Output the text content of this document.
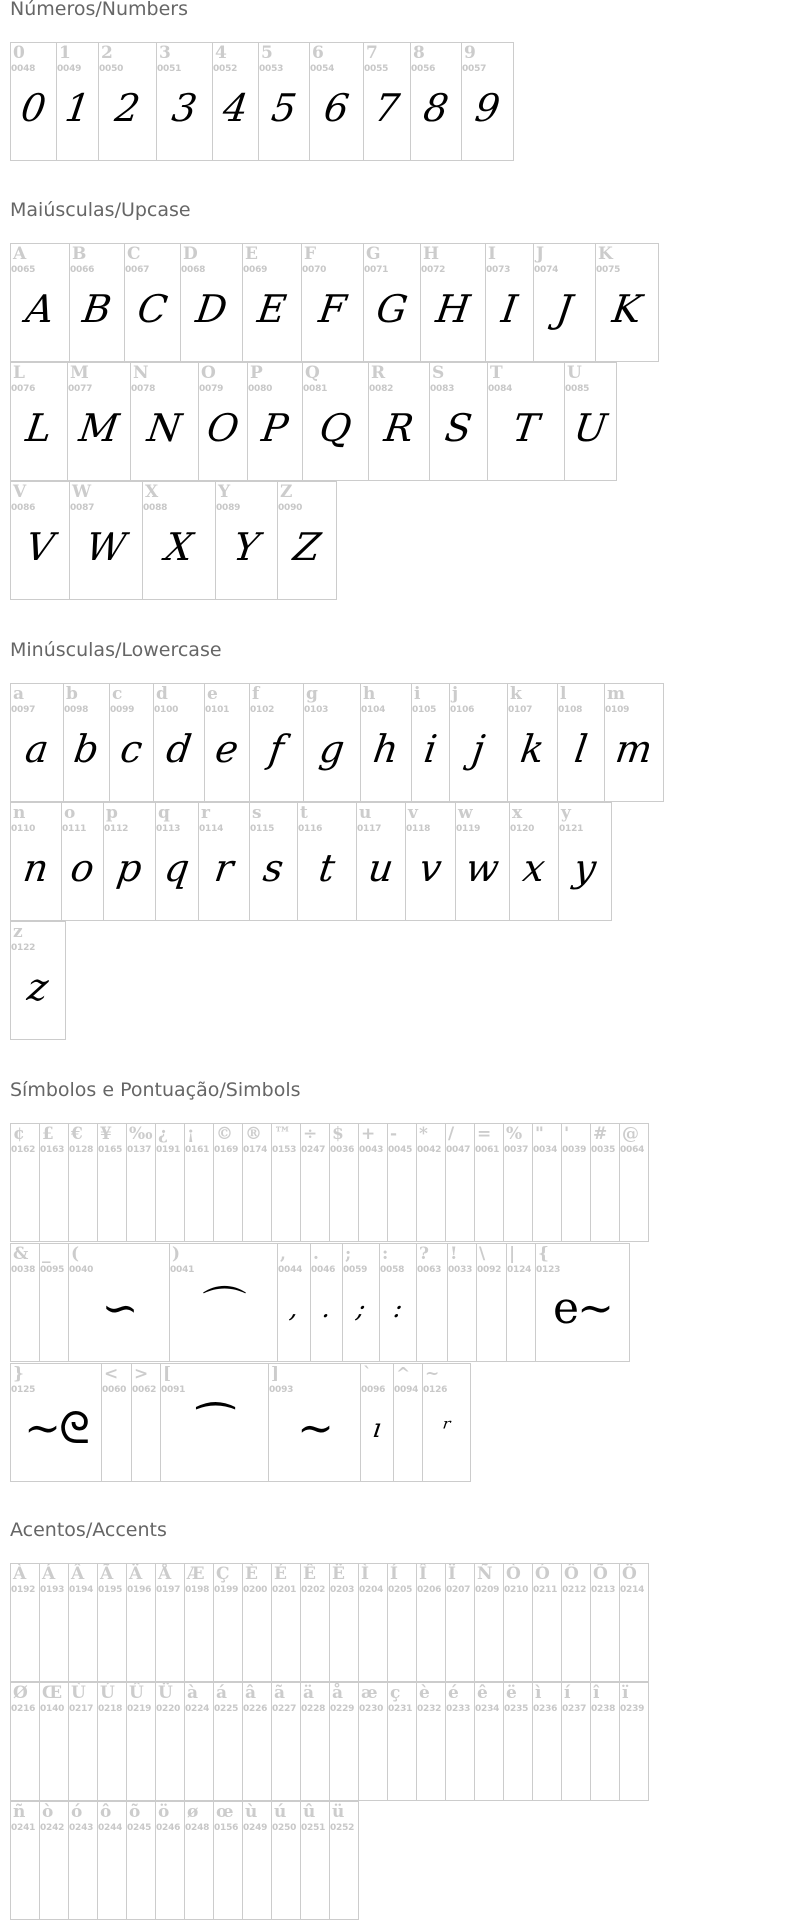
Números/Numbers
0
0048
0
1
0049
1
2
0050
2
3
0051
3
4
0052
4
5
0053
5
6
0054
6
7
0055
7
8
0056
8
9
0057
9
Maiúsculas/Upcase
A
0065
A
B
0066
B
C
0067
C
D
0068
D
E
0069
E
F
0070
F
G
0071
G
H
0072
H
I
0073
I
J
0074
J
K
0075
K
L
0076
L
M
0077
M
N
0078
N
O
0079
O
P
0080
P
Q
0081
Q
R
0082
R
S
0083
S
T
0084
T
U
0085
U
V
0086
V
W
0087
W
X
0088
X
Y
0089
Y
Z
0090
Z
Minúsculas/Lowercase
a
0097
a
b
0098
b
c
0099
c
d
0100
d
e
0101
e
f
0102
f
g
0103
g
h
0104
h
i
0105
i
j
0106
j
k
0107
k
l
0108
l
m
0109
m
n
0110
n
o
0111
o
p
0112
p
q
0113
q
r
0114
r
s
0115
s
t
0116
t
u
0117
u
v
0118
v
w
0119
w
x
0120
x
y
0121
y
z
0122
z
Símbolos e Pontuação/Simbols
¢
0162
£
0163
€
0128
¥
0165
‰
0137
¿
0191
¡
0161
©
0169
®
0174
™
0153
÷
0247
$
0036
+
0043
-
0045
*
0042
/
0047
=
0061
%
0037
"
0034
'
0039
#
0035
@
0064
&
0038
_
0095
(
0040
∽
)
0041
⌒
,
0044
,
.
0046
.
;
0059
;
:
0058
:
?
0063
!
0033
\
0092
|
0124
{
0123
e∼
}
0125
∼ᘓ
<
0060
>
0062
[
0091
⁀
]
0093
∼
`
0096
ı
^
0094
~
0126
ʳ
Acentos/Accents
À
0192
Á
0193
Â
0194
Ã
0195
Ä
0196
Å
0197
Æ
0198
Ç
0199
È
0200
É
0201
Ê
0202
Ë
0203
Ì
0204
Í
0205
Î
0206
Ï
0207
Ñ
0209
Ò
0210
Ó
0211
Ô
0212
Õ
0213
Ö
0214
Ø
0216
Œ
0140
Ù
0217
Ú
0218
Û
0219
Ü
0220
à
0224
á
0225
â
0226
ã
0227
ä
0228
å
0229
æ
0230
ç
0231
è
0232
é
0233
ê
0234
ë
0235
ì
0236
í
0237
î
0238
ï
0239
ñ
0241
ò
0242
ó
0243
ô
0244
õ
0245
ö
0246
ø
0248
œ
0156
ù
0249
ú
0250
û
0251
ü
0252
